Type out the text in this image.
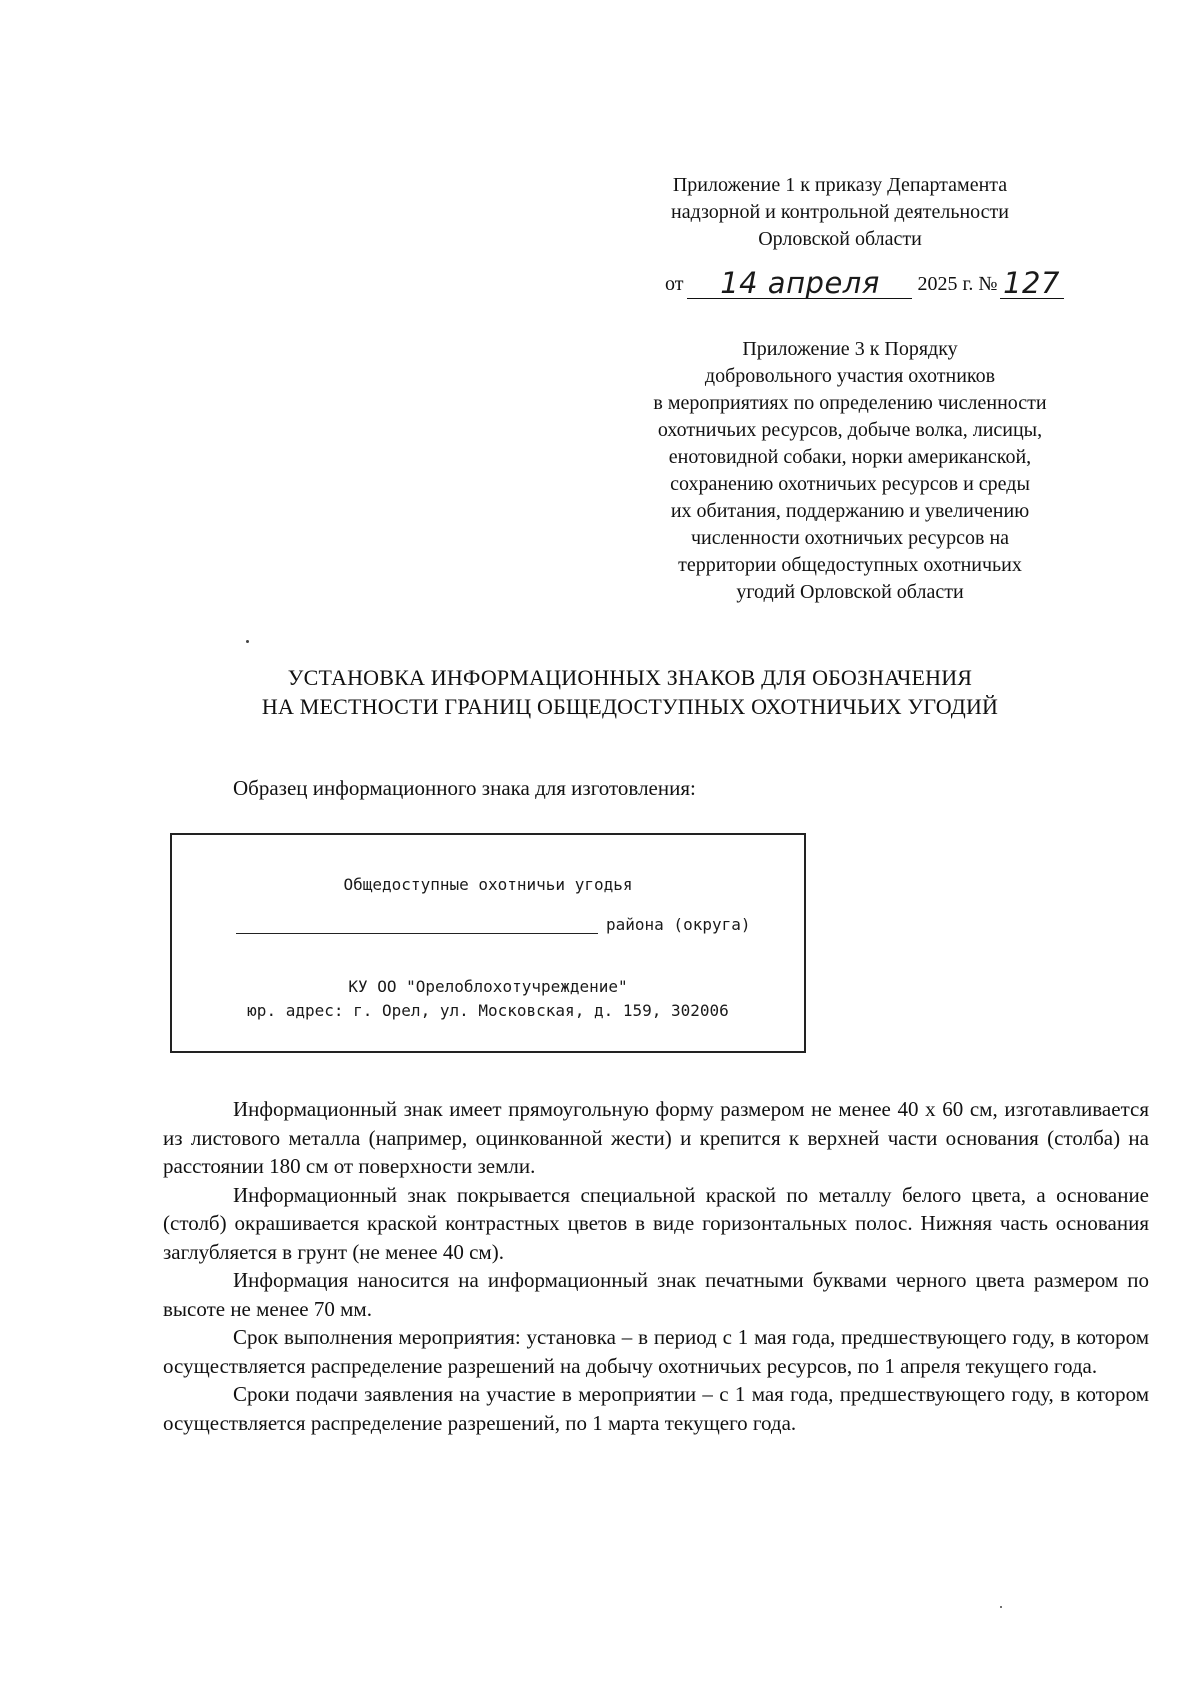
Приложение 1 к приказу Департамента
надзорной и контрольной деятельности
Орловской области
от 14 апреля 2025 г. № 127
Приложение 3 к Порядку
добровольного участия охотников
в мероприятиях по определению численности
охотничьих ресурсов, добыче волка, лисицы,
енотовидной собаки, норки американской,
сохранению охотничьих ресурсов и среды
их обитания, поддержанию и увеличению
численности охотничьих ресурсов на
территории общедоступных охотничьих
угодий Орловской области
УСТАНОВКА ИНФОРМАЦИОННЫХ ЗНАКОВ ДЛЯ ОБОЗНАЧЕНИЯ
НА МЕСТНОСТИ ГРАНИЦ ОБЩЕДОСТУПНЫХ ОХОТНИЧЬИХ УГОДИЙ
Образец информационного знака для изготовления:
Общедоступные охотничьи угодья
района (округа)
КУ ОО "Орелоблохотучреждение"
юр. адрес: г. Орел, ул. Московская, д. 159, 302006

Информационный знак имеет прямоугольную форму размером не менее 40 х 60 см, изготавливается из листового металла (например, оцинкованной жести) и крепится к верхней части основания (столба) на расстоянии 180 см от поверхности земли.

Информационный знак покрывается специальной краской по металлу белого цвета, а основание (столб) окрашивается краской контрастных цветов в виде горизонтальных полос. Нижняя часть основания заглубляется в грунт (не менее 40 см).

Информация наносится на информационный знак печатными буквами черного цвета размером по высоте не менее 70 мм.

Срок выполнения мероприятия: установка – в период с 1 мая года, предшествующего году, в котором осуществляется распределение разрешений на добычу охотничьих ресурсов, по 1 апреля текущего года.

Сроки подачи заявления на участие в мероприятии – с 1 мая года, предшествующего году, в котором осуществляется распределение разрешений, по 1 марта текущего года.
